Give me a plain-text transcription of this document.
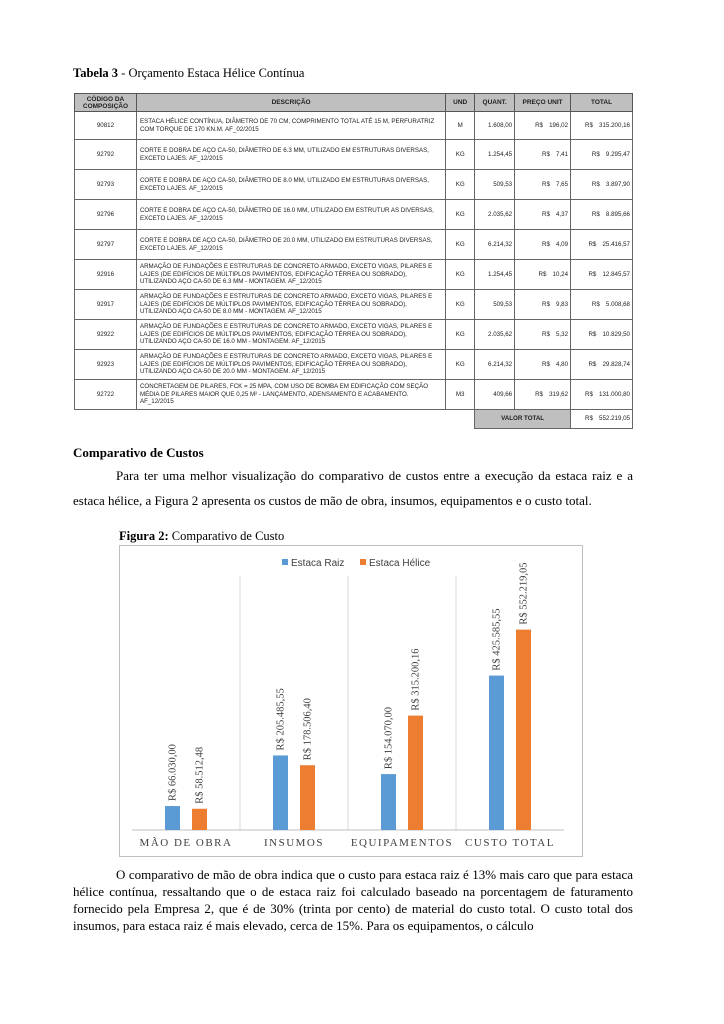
Tabela 3 - Orçamento Estaca Hélice Contínua
CÓDIGO DA COMPOSIÇÃO	DESCRIÇÃO	UND	QUANT.	PREÇO UNIT	TOTAL
90812	ESTACA HÉLICE CONTÍNUA, DIÂMETRO DE 70 CM, COMPRIMENTO TOTAL ATÉ 15 M, PERFURATRIZ COM TORQUE DE 170 KN.M. AF_02/2015	M	1.608,00	R$ 196,02	R$ 315.200,16
92792	CORTE E DOBRA DE AÇO CA-50, DIÂMETRO DE 6.3 MM, UTILIZADO EM ESTRUTURAS DIVERSAS, EXCETO LAJES. AF_12/2015	KG	1.254,45	R$ 7,41	R$ 9.295,47
92793	CORTE E DOBRA DE AÇO CA-50, DIÂMETRO DE 8.0 MM, UTILIZADO EM ESTRUTURAS DIVERSAS, EXCETO LAJES. AF_12/2015	KG	509,53	R$ 7,65	R$ 3.897,90
92796	CORTE E DOBRA DE AÇO CA-50, DIÂMETRO DE 16.0 MM, UTILIZADO EM ESTRUTUR AS DIVERSAS, EXCETO LAJES. AF_12/2015	KG	2.035,62	R$ 4,37	R$ 8.895,66
92797	CORTE E DOBRA DE AÇO CA-50, DIÂMETRO DE 20.0 MM, UTILIZADO EM ESTRUTURAS DIVERSAS, EXCETO LAJES. AF_12/2015	KG	6.214,32	R$ 4,09	R$ 25.416,57
92916	ARMAÇÃO DE FUNDAÇÕES E ESTRUTURAS DE CONCRETO ARMADO, EXCETO VIGAS, PILARES E LAJES (DE EDIFÍCIOS DE MÚLTIPLOS PAVIMENTOS, EDIFICAÇÃO TÉRREA OU SOBRADO), UTILIZANDO AÇO CA-50 DE 6.3 MM - MONTAGEM. AF_12/2015	KG	1.254,45	R$ 10,24	R$ 12.845,57
92917	ARMAÇÃO DE FUNDAÇÕES E ESTRUTURAS DE CONCRETO ARMADO, EXCETO VIGAS, PILARES E LAJES (DE EDIFÍCIOS DE MÚLTIPLOS PAVIMENTOS, EDIFICAÇÃO TÉRREA OU SOBRADO), UTILIZANDO AÇO CA-50 DE 8.0 MM - MONTAGEM. AF_12/2015	KG	509,53	R$ 9,83	R$ 5.008,68
92922	ARMAÇÃO DE FUNDAÇÕES E ESTRUTURAS DE CONCRETO ARMADO, EXCETO VIGAS, PILARES E LAJES (DE EDIFÍCIOS DE MÚLTIPLOS PAVIMENTOS, EDIFICAÇÃO TÉRREA OU SOBRADO), UTILIZANDO AÇO CA-50 DE 16.0 MM - MONTAGEM. AF_12/2015	KG	2.035,62	R$ 5,32	R$ 10.829,50
92923	ARMAÇÃO DE FUNDAÇÕES E ESTRUTURAS DE CONCRETO ARMADO, EXCETO VIGAS, PILARES E LAJES (DE EDIFÍCIOS DE MÚLTIPLOS PAVIMENTOS, EDIFICAÇÃO TÉRREA OU SOBRADO), UTILIZANDO AÇO CA-50 DE 20.0 MM - MONTAGEM. AF_12/2015	KG	6.214,32	R$ 4,80	R$ 29.828,74
92722	CONCRETAGEM DE PILARES, FCK = 25 MPA, COM USO DE BOMBA EM EDIFICAÇÃO COM SEÇÃO MÉDIA DE PILARES MAIOR QUE 0,25 M² - LANÇAMENTO, ADENSAMENTO E ACABAMENTO. AF_12/2015	M3	409,66	R$ 319,62	R$ 131.000,80
			VALOR TOTAL		R$ 552.219,05
Comparativo de Custos
Para ter uma melhor visualização do comparativo de custos entre a execução da estaca raiz e a estaca hélice, a Figura 2 apresenta os custos de mão de obra, insumos, equipamentos e o custo total.
Figura 2: Comparativo de Custo
R$ 66.030,00 R$ 58.512,48
MÃO DE OBRA
R$ 205.485,55 R$ 178.506,40
INSUMOS
R$ 154.070,00
R$ 315.200,16
EQUIPAMENTOS
R$ 425.585,55
R$ 552.219,05
CUSTO TOTAL
Estaca Raiz Estaca Hélice
O comparativo de mão de obra indica que o custo para estaca raiz é 13% mais caro que para estaca hélice contínua, ressaltando que o de estaca raiz foi calculado baseado na porcentagem de faturamento fornecido pela Empresa 2, que é de 30% (trinta por cento) de material do custo total. O custo total dos insumos, para estaca raiz é mais elevado, cerca de 15%. Para os equipamentos, o cálculo
